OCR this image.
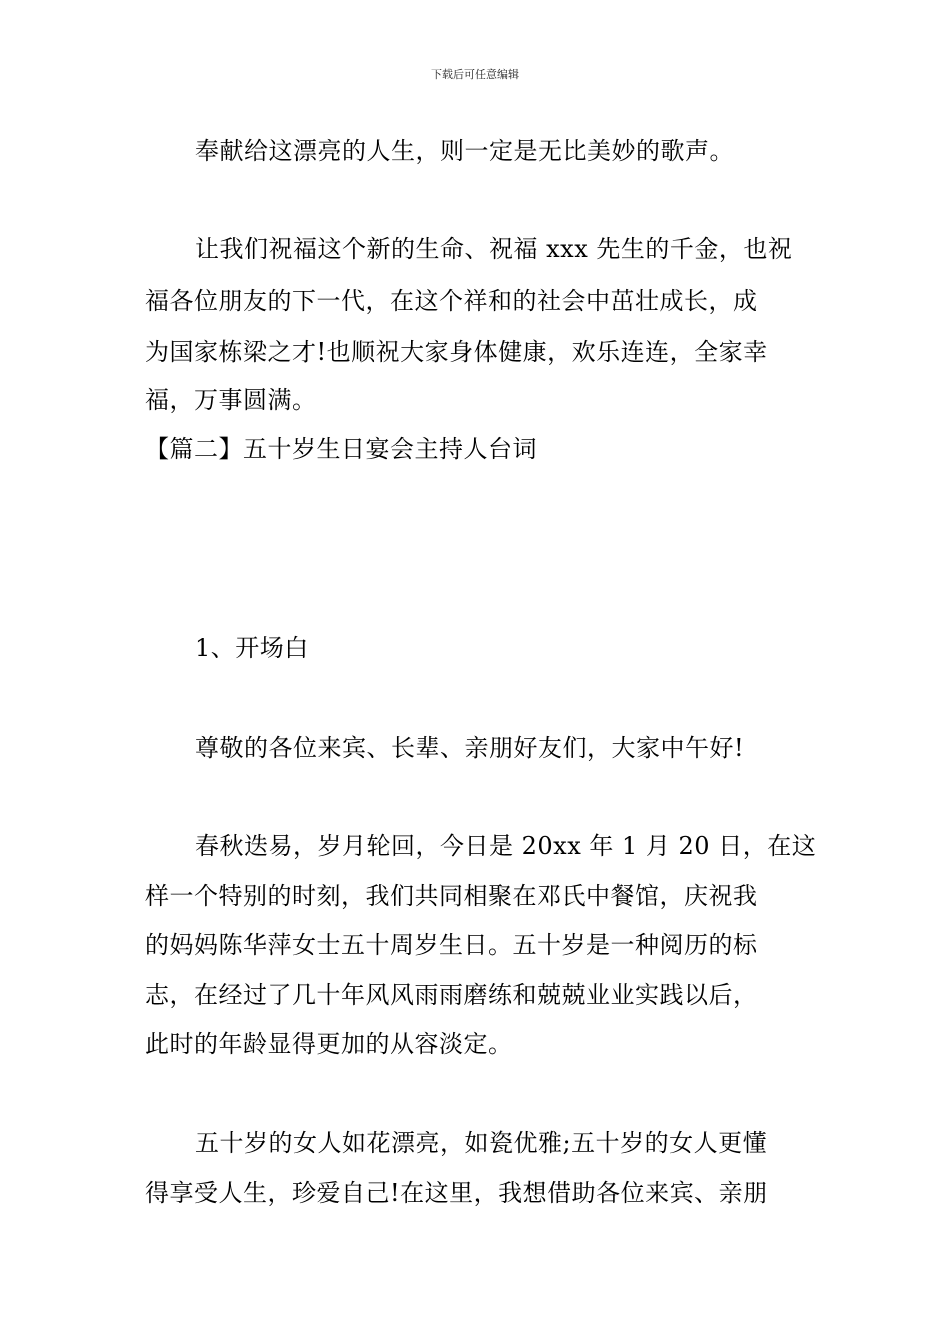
下载后可任意编辑
奉献给这漂亮的人生，则一定是无比美妙的歌声。
让我们祝福这个新的生命、祝福 xxx 先生的千金，也祝
福各位朋友的下一代，在这个祥和的社会中茁壮成长，成
为国家栋梁之才!也顺祝大家身体健康，欢乐连连，全家幸
福，万事圆满。
【篇二】五十岁生日宴会主持人台词
1、开场白
尊敬的各位来宾、长辈、亲朋好友们，大家中午好!
春秋迭易，岁月轮回，今日是 20xx 年 1 月 20 日，在这
样一个特别的时刻，我们共同相聚在邓氏中餐馆，庆祝我
的妈妈陈华萍女士五十周岁生日。五十岁是一种阅历的标
志，在经过了几十年风风雨雨磨练和兢兢业业实践以后，
此时的年龄显得更加的从容淡定。
五十岁的女人如花漂亮，如瓷优雅;五十岁的女人更懂
得享受人生，珍爱自己!在这里，我想借助各位来宾、亲朋
